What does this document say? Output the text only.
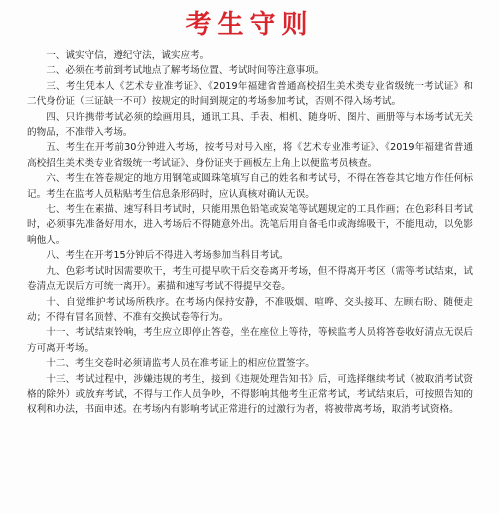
考生守则

一、诚实守信，遵纪守法，诚实应考。

二、必须在考前到考试地点了解考场位置、考试时间等注意事项。

三、考生凭本人《艺术专业准考证》、《2019年福建省普通高校招生美术类专业省级统一考试证》和二代身份证（三证缺一不可）按规定的时间到规定的考场参加考试，否则不得入场考试。

四、只许携带考试必须的绘画用具，通讯工具、手表、相机、随身听、图片、画册等与本场考试无关的物品，不准带入考场。

五、考生在开考前30分钟进入考场，按考号对号入座，将《艺术专业准考证》、《2019年福建省普通高校招生美术类专业省级统一考试证》、身份证夹于画板左上角上以便监考员核查。

六、考生在答卷规定的地方用钢笔或圆珠笔填写自己的姓名和考试号，不得在答卷其它地方作任何标记。考生在监考人员粘贴考生信息条形码时，应认真核对确认无误。

七、考生在素描、速写科目考试时，只能用黑色铅笔或炭笔等试题规定的工具作画；在色彩科目考试时，必须事先准备好用水，进入考场后不得随意外出。洗笔后用自备毛巾或海绵吸干，不能甩动，以免影响他人。

八、考生在开考15分钟后不得进入考场参加当科目考试。

九、色彩考试时因需要吹干，考生可提早吹干后交卷离开考场，但不得离开考区（需等考试结束，试卷清点无误后方可统一离开）。素描和速写考试不得提早交卷。

十、自觉维护考试场所秩序。在考场内保持安静，不准吸烟、喧哗、交头接耳、左顾右盼、随便走动；不得有冒名顶替、不准有交换试卷等行为。

十一、考试结束铃响，考生应立即停止答卷，坐在座位上等待，等候监考人员将答卷收好清点无误后方可离开考场。

十二、考生交卷时必须请监考人员在准考证上的相应位置签字。

十三、考试过程中，涉嫌违规的考生，接到《违规处理告知书》后，可选择继续考试（被取消考试资格的除外）或放弃考试，不得与工作人员争吵，不得影响其他考生正常考试，考试结束后，可按照告知的权利和办法，书面申述。在考场内有影响考试正常进行的过激行为者，将被带离考场，取消考试资格。
